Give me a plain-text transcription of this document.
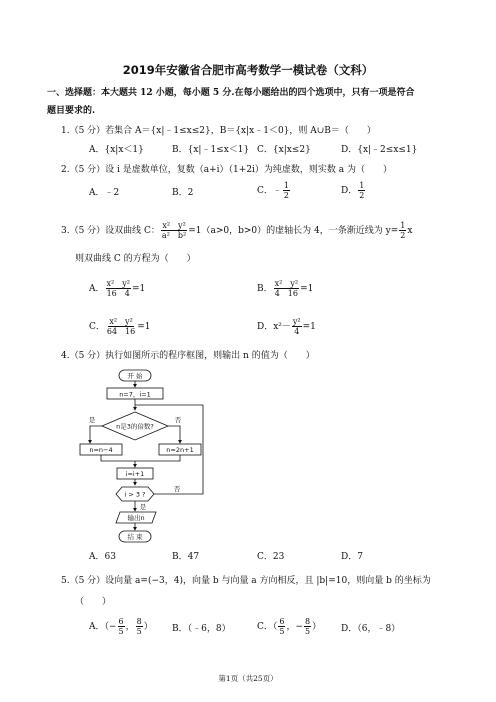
2019年安徽省合肥市高考数学一模试卷（文科）
一、选择题：本大题共 12 小题，每小题 5 分.在每小题给出的四个选项中，只有一项是符合
题目要求的.
1.（5 分）若集合 A＝{x|﹣1≤x≤2}，B＝{x|x﹣1＜0}，则 A∪B＝（　　）
A．{x|x＜1}	B．{x|﹣1≤x＜1} C．{x|x≤2}	D．{x|﹣2≤x≤1}
2.（5 分）设 i 是虚数单位，复数（a+i）（1+2i）为纯虚数，则实数 a 为（　　）
A．﹣2	B．2	C．﹣ $\frac{1}{2}$	D． $\frac{1}{2}$
3.（5 分）设双曲线 C： $\frac{\text{x²　y²}}{\text{a²　b²}} =1(a>0$，b>0）的虚轴长为 4，一条渐近线为 $y= \frac{1}{2}$ x
则双曲线 C 的方程为（　　）
A． $\frac{\text{x²　y²}}{16 4} =1$	B． $\frac{\text{x²　y²}}{4 16} =1$
C． $\frac{\text{x²　y²}}{64 16} =1$	D．$x^2- \frac{\text{y²}}{4} =1$
4.（5 分）执行如图所示的程序框图，则输出 n 的值为（　　）
开 始
n=7，i=1
n是3的倍数?
是	否
n=n−4	n=2n+1
i=i+1
i > 3 ?
否
是
输出n
结 束
A．63	B．47	C．23	D．7
5.（5 分）设向量 a=(−3，4)，向量 b 与向量 a 方向相反，且 |b|=10，则向量 b 的坐标为
（　　）
A．（− $\frac{6}{5}$ ， $\frac{8}{5}$ ） B．（﹣6，8）	C．（ $\frac{6}{5}$ ，− $\frac{8}{5}$ ） D．（6，﹣8）
第1页（共25页）
